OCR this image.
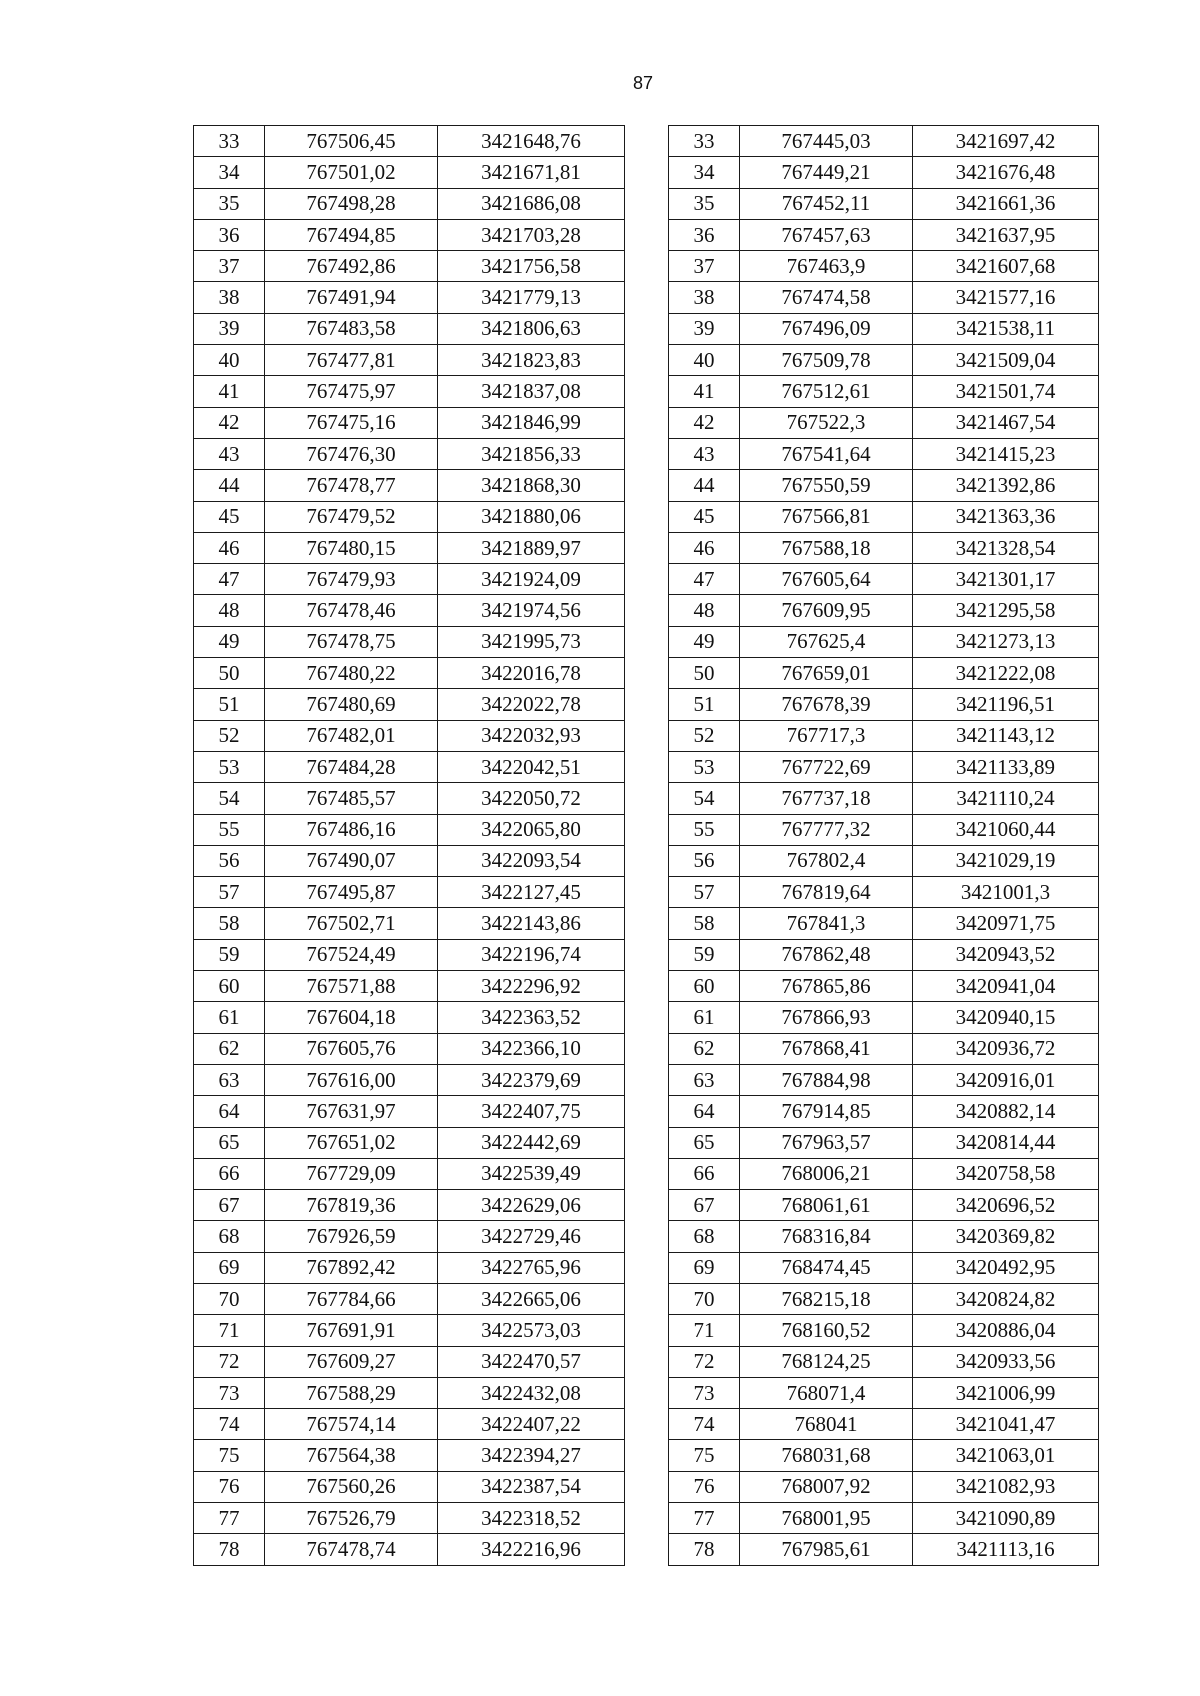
87
33	767506,45	3421648,76
34	767501,02	3421671,81
35	767498,28	3421686,08
36	767494,85	3421703,28
37	767492,86	3421756,58
38	767491,94	3421779,13
39	767483,58	3421806,63
40	767477,81	3421823,83
41	767475,97	3421837,08
42	767475,16	3421846,99
43	767476,30	3421856,33
44	767478,77	3421868,30
45	767479,52	3421880,06
46	767480,15	3421889,97
47	767479,93	3421924,09
48	767478,46	3421974,56
49	767478,75	3421995,73
50	767480,22	3422016,78
51	767480,69	3422022,78
52	767482,01	3422032,93
53	767484,28	3422042,51
54	767485,57	3422050,72
55	767486,16	3422065,80
56	767490,07	3422093,54
57	767495,87	3422127,45
58	767502,71	3422143,86
59	767524,49	3422196,74
60	767571,88	3422296,92
61	767604,18	3422363,52
62	767605,76	3422366,10
63	767616,00	3422379,69
64	767631,97	3422407,75
65	767651,02	3422442,69
66	767729,09	3422539,49
67	767819,36	3422629,06
68	767926,59	3422729,46
69	767892,42	3422765,96
70	767784,66	3422665,06
71	767691,91	3422573,03
72	767609,27	3422470,57
73	767588,29	3422432,08
74	767574,14	3422407,22
75	767564,38	3422394,27
76	767560,26	3422387,54
77	767526,79	3422318,52
78	767478,74	3422216,96
33	767445,03	3421697,42
34	767449,21	3421676,48
35	767452,11	3421661,36
36	767457,63	3421637,95
37	767463,9	3421607,68
38	767474,58	3421577,16
39	767496,09	3421538,11
40	767509,78	3421509,04
41	767512,61	3421501,74
42	767522,3	3421467,54
43	767541,64	3421415,23
44	767550,59	3421392,86
45	767566,81	3421363,36
46	767588,18	3421328,54
47	767605,64	3421301,17
48	767609,95	3421295,58
49	767625,4	3421273,13
50	767659,01	3421222,08
51	767678,39	3421196,51
52	767717,3	3421143,12
53	767722,69	3421133,89
54	767737,18	3421110,24
55	767777,32	3421060,44
56	767802,4	3421029,19
57	767819,64	3421001,3
58	767841,3	3420971,75
59	767862,48	3420943,52
60	767865,86	3420941,04
61	767866,93	3420940,15
62	767868,41	3420936,72
63	767884,98	3420916,01
64	767914,85	3420882,14
65	767963,57	3420814,44
66	768006,21	3420758,58
67	768061,61	3420696,52
68	768316,84	3420369,82
69	768474,45	3420492,95
70	768215,18	3420824,82
71	768160,52	3420886,04
72	768124,25	3420933,56
73	768071,4	3421006,99
74	768041	3421041,47
75	768031,68	3421063,01
76	768007,92	3421082,93
77	768001,95	3421090,89
78	767985,61	3421113,16
